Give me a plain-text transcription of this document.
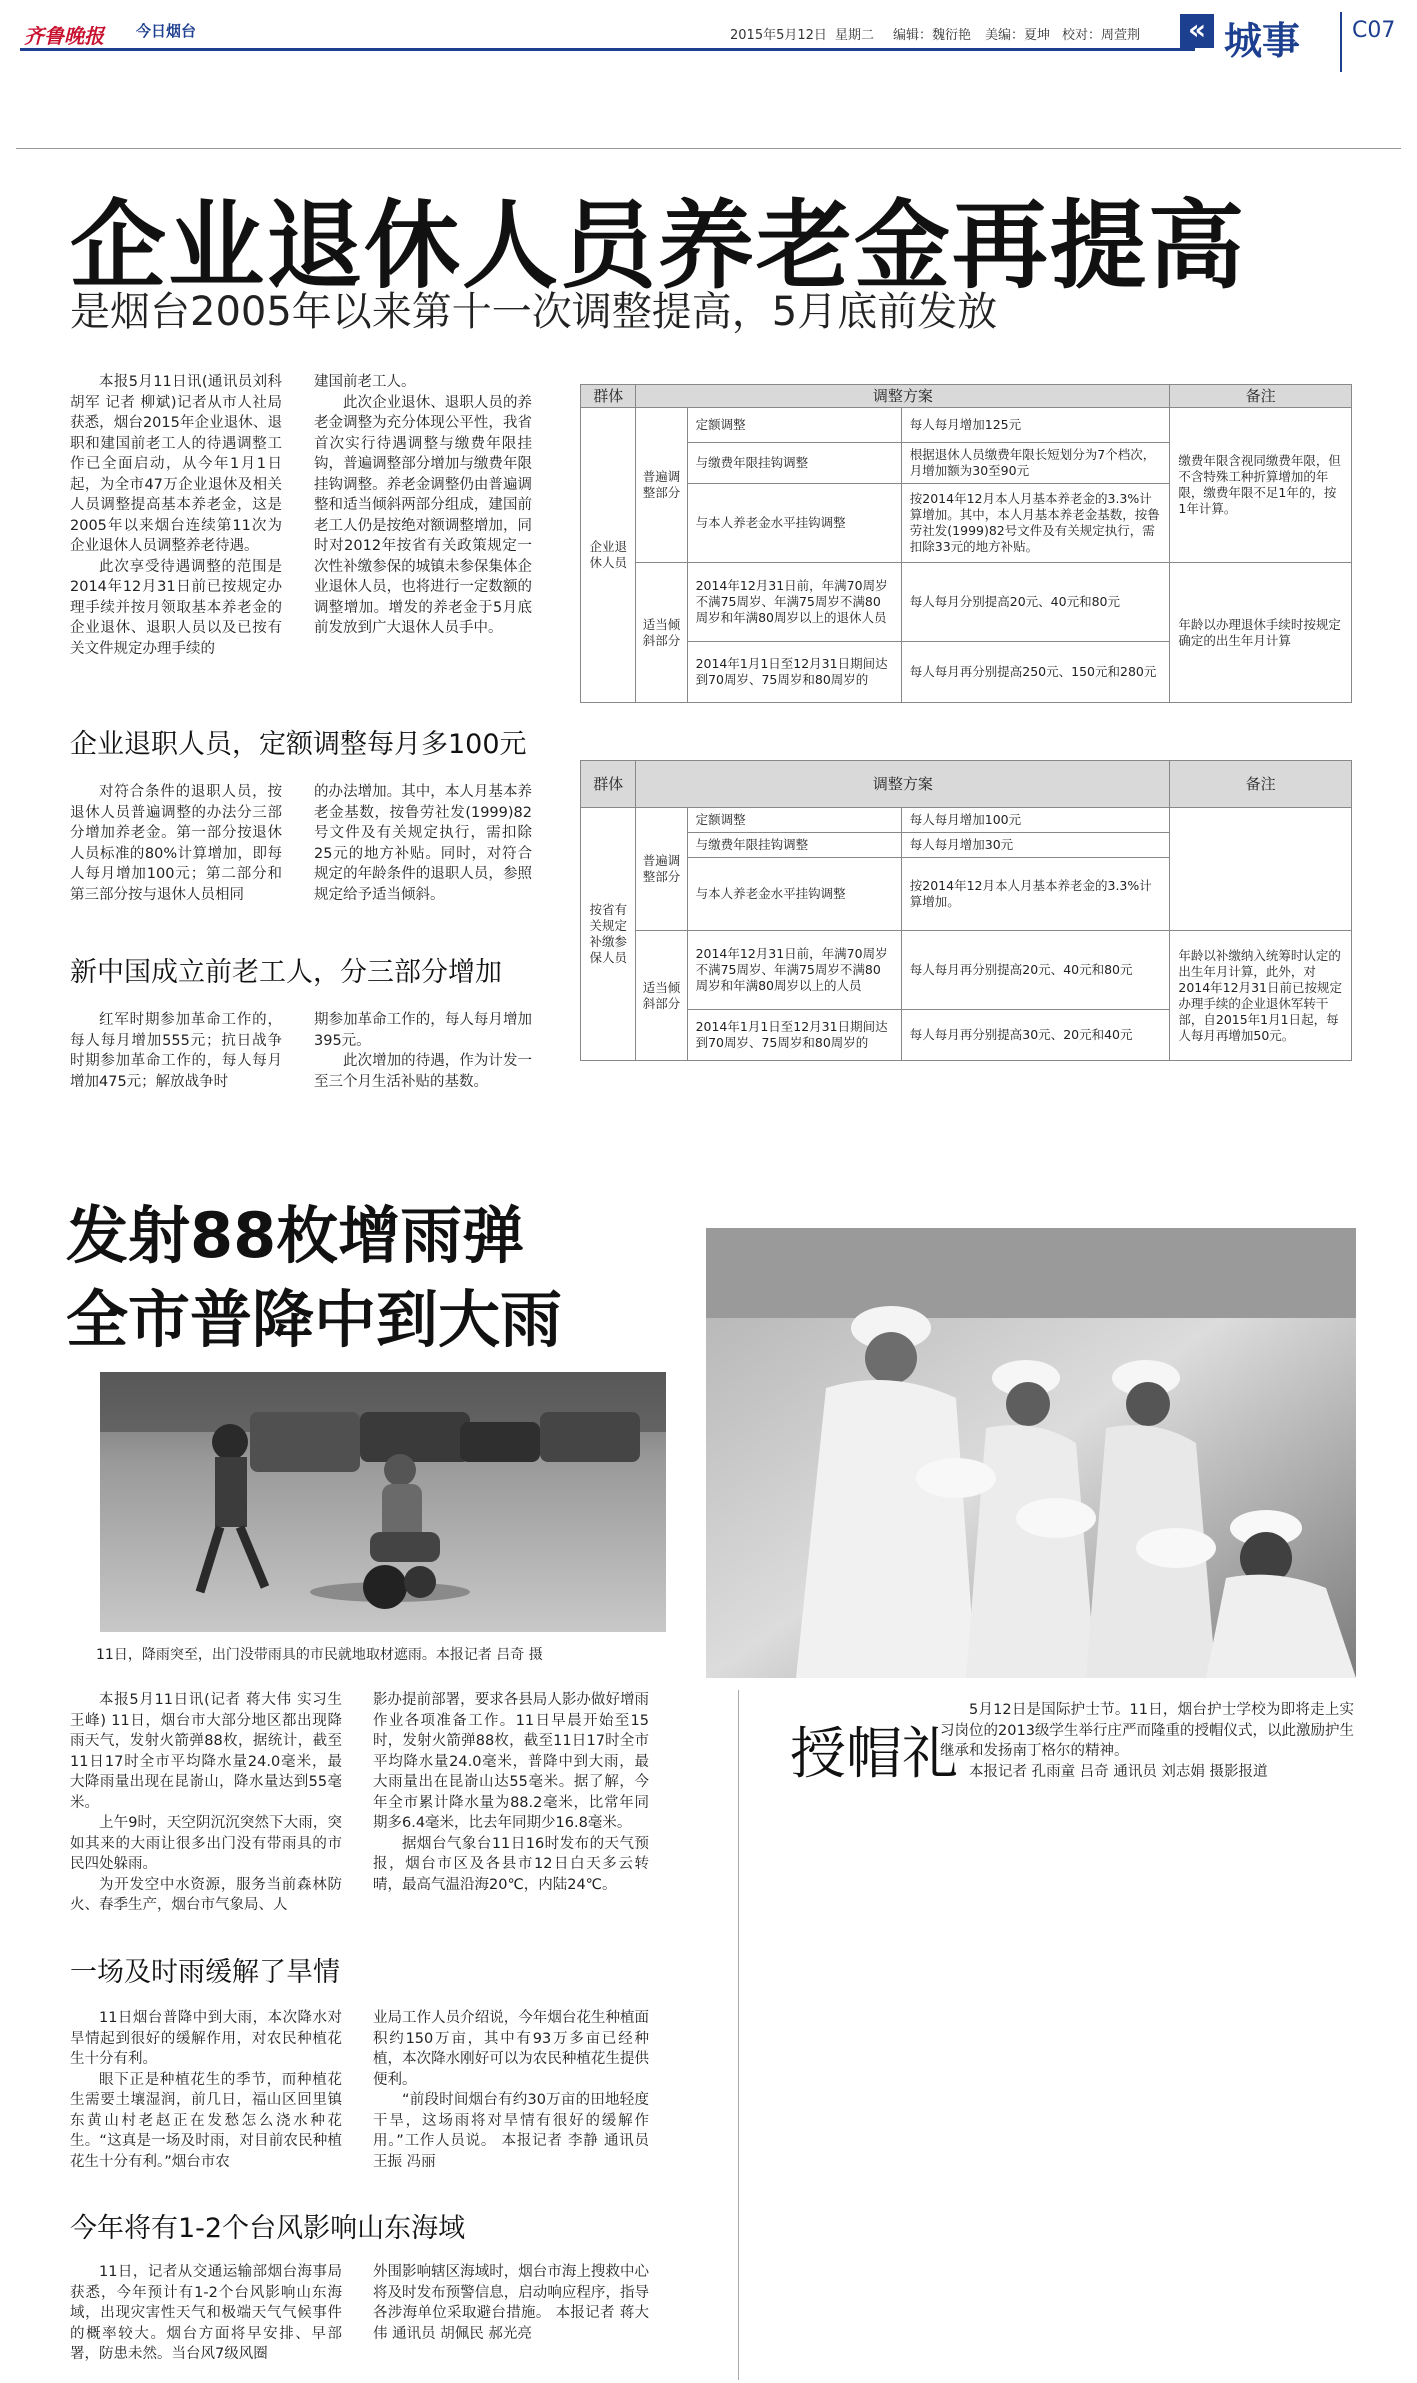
齐鲁晚报 今日烟台	2015年5月12日 星期二 编辑：魏衍艳 美编：夏坤 校对：周萱荆 « 城事 C07
企业退休人员养老金再提高
是烟台2005年以来第十一次调整提高，5月底前发放

本报5月11日讯(通讯员刘科 胡军 记者 柳斌)记者从市人社局获悉，烟台2015年企业退休、退职和建国前老工人的待遇调整工作已全面启动，从今年1月1日起，为全市47万企业退休及相关人员调整提高基本养老金，这是2005年以来烟台连续第11次为企业退休人员调整养老待遇。

此次享受待遇调整的范围是2014年12月31日前已按规定办理手续并按月领取基本养老金的企业退休、退职人员以及已按有关文件规定办理手续的

建国前老工人。

此次企业退休、退职人员的养老金调整为充分体现公平性，我省首次实行待遇调整与缴费年限挂钩，普遍调整部分增加与缴费年限挂钩调整。养老金调整仍由普遍调整和适当倾斜两部分组成，建国前老工人仍是按绝对额调整增加，同时对2012年按省有关政策规定一次性补缴参保的城镇未参保集体企业退休人员，也将进行一定数额的调整增加。增发的养老金于5月底前发放到广大退休人员手中。

企业退职人员，定额调整每月多100元

对符合条件的退职人员，按退休人员普遍调整的办法分三部分增加养老金。第一部分按退休人员标准的80%计算增加，即每人每月增加100元；第二部分和第三部分按与退休人员相同

的办法增加。其中，本人月基本养老金基数，按鲁劳社发(1999)82号文件及有关规定执行，需扣除25元的地方补贴。同时，对符合规定的年龄条件的退职人员，参照规定给予适当倾斜。

新中国成立前老工人，分三部分增加

红军时期参加革命工作的，每人每月增加555元；抗日战争时期参加革命工作的，每人每月增加475元；解放战争时

期参加革命工作的，每人每月增加395元。

此次增加的待遇，作为计发一至三个月生活补贴的基数。

群体	调整方案			备注
企业退休人员	普遍调整部分	定额调整	每人每月增加125元	缴费年限含视同缴费年限，但不含特殊工种折算增加的年限，缴费年限不足1年的，按1年计算。
		与缴费年限挂钩调整	根据退休人员缴费年限长短划分为7个档次，月增加额为30至90元	
		与本人养老金水平挂钩调整	按2014年12月本人月基本养老金的3.3%计算增加。其中，本人月基本养老金基数，按鲁劳社发(1999)82号文件及有关规定执行，需扣除33元的地方补贴。	
	适当倾斜部分	2014年12月31日前，年满70周岁不满75周岁、年满75周岁不满80周岁和年满80周岁以上的退休人员	每人每月分别提高20元、40元和80元	年龄以办理退休手续时按规定确定的出生年月计算
		2014年1月1日至12月31日期间达到70周岁、75周岁和80周岁的	每人每月再分别提高250元、150元和280元	
群体	调整方案			备注
按省有关规定补缴参保人员	普遍调整部分	定额调整	每人每月增加100元	
		与缴费年限挂钩调整	每人每月增加30元	
		与本人养老金水平挂钩调整	按2014年12月本人月基本养老金的3.3%计算增加。	
	适当倾斜部分	2014年12月31日前，年满70周岁不满75周岁、年满75周岁不满80周岁和年满80周岁以上的人员	每人每月再分别提高20元、40元和80元	年龄以补缴纳入统筹时认定的出生年月计算，此外，对2014年12月31日前已按规定办理手续的企业退休军转干部，自2015年1月1日起，每人每月再增加50元。
		2014年1月1日至12月31日期间达到70周岁、75周岁和80周岁的	每人每月再分别提高30元、20元和40元	
发射88枚增雨弹
全市普降中到大雨
11日，降雨突至，出门没带雨具的市民就地取材遮雨。本报记者 吕奇 摄

本报5月11日讯(记者 蒋大伟 实习生 王峰) 11日，烟台市大部分地区都出现降雨天气，发射火箭弹88枚，据统计，截至11日17时全市平均降水量24.0毫米，最大降雨量出现在昆嵛山，降水量达到55毫米。

上午9时，天空阴沉沉突然下大雨，突如其来的大雨让很多出门没有带雨具的市民四处躲雨。

为开发空中水资源，服务当前森林防火、春季生产，烟台市气象局、人

影办提前部署，要求各县局人影办做好增雨作业各项准备工作。11日早晨开始至15时，发射火箭弹88枚，截至11日17时全市平均降水量24.0毫米，普降中到大雨，最大雨量出在昆嵛山达55毫米。据了解，今年全市累计降水量为88.2毫米，比常年同期多6.4毫米，比去年同期少16.8毫米。

据烟台气象台11日16时发布的天气预报，烟台市区及各县市12日白天多云转晴，最高气温沿海20℃，内陆24℃。

一场及时雨缓解了旱情

11日烟台普降中到大雨，本次降水对旱情起到很好的缓解作用，对农民种植花生十分有利。

眼下正是种植花生的季节，而种植花生需要土壤湿润，前几日，福山区回里镇东黄山村老赵正在发愁怎么浇水种花生。“这真是一场及时雨，对目前农民种植花生十分有利。”烟台市农

业局工作人员介绍说，今年烟台花生种植面积约150万亩，其中有93万多亩已经种植，本次降水刚好可以为农民种植花生提供便利。

“前段时间烟台有约30万亩的田地轻度干旱，这场雨将对旱情有很好的缓解作用。”工作人员说。 本报记者 李静 通讯员 王振 冯丽

今年将有1-2个台风影响山东海域

11日，记者从交通运输部烟台海事局获悉，今年预计有1-2个台风影响山东海域，出现灾害性天气和极端天气气候事件的概率较大。烟台方面将早安排、早部署，防患未然。当台风7级风圈

外围影响辖区海域时，烟台市海上搜救中心将及时发布预警信息，启动响应程序，指导各涉海单位采取避台措施。 本报记者 蒋大伟 通讯员 胡佩民 郝光亮

授帽礼

5月12日是国际护士节。11日，烟台护士学校为即将走上实习岗位的2013级学生举行庄严而隆重的授帽仪式，以此激励护生继承和发扬南丁格尔的精神。

本报记者 孔雨童 吕奇 通讯员 刘志娟 摄影报道
